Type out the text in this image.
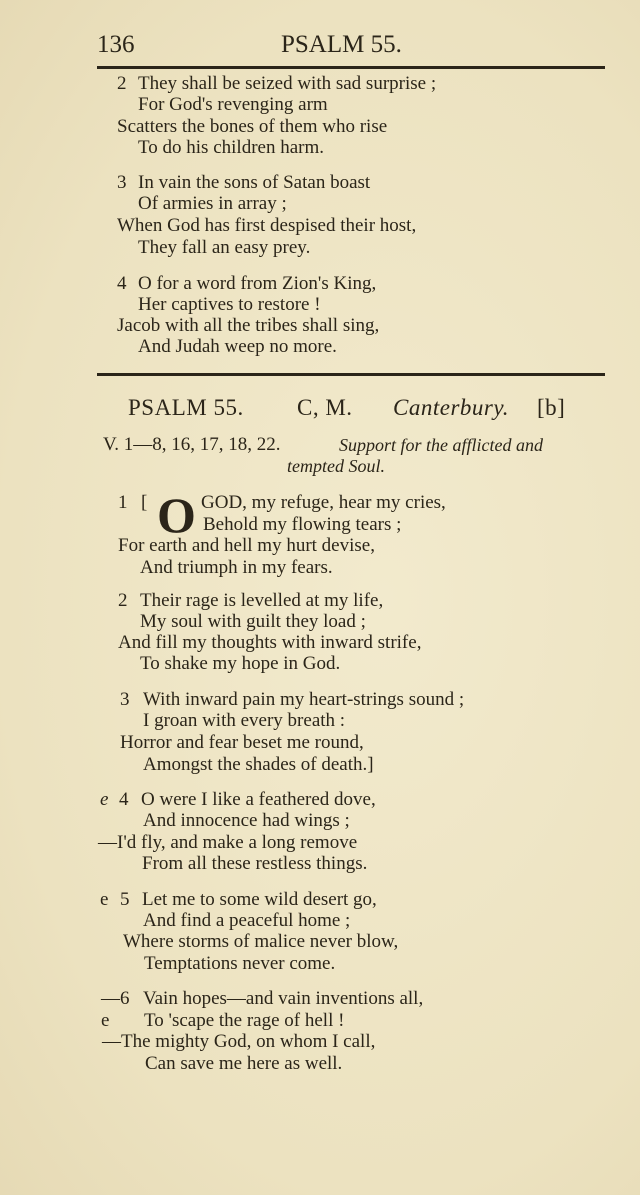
136	PSALM 55.
2 They shall be seized with sad surprise ;
For God's revenging arm
Scatters the bones of them who rise
To do his children harm.
3 In vain the sons of Satan boast
Of armies in array ;
When God has first despised their host,
They fall an easy prey.
4 O for a word from Zion's King,
Her captives to restore !
Jacob with all the tribes shall sing,
And Judah weep no more.
PSALM 55. C, M. Canterbury. [b]
V. 1—8, 16, 17, 18, 22.	Support for the afflicted and
tempted Soul.
1 [ O GOD, my refuge, hear my cries,
Behold my flowing tears ;
For earth and hell my hurt devise,
And triumph in my fears.
2 Their rage is levelled at my life,
My soul with guilt they load ;
And fill my thoughts with inward strife,
To shake my hope in God.
3 With inward pain my heart-strings sound ;
I groan with every breath :
Horror and fear beset me round,
Amongst the shades of death.]
e 4 O were I like a feathered dove,
And innocence had wings ;
—I'd fly, and make a long remove
From all these restless things.
e 5 Let me to some wild desert go,
And find a peaceful home ;
Where storms of malice never blow,
Temptations never come.
—6 Vain hopes—and vain inventions all,
e To 'scape the rage of hell !
—The mighty God, on whom I call,
Can save me here as well.
